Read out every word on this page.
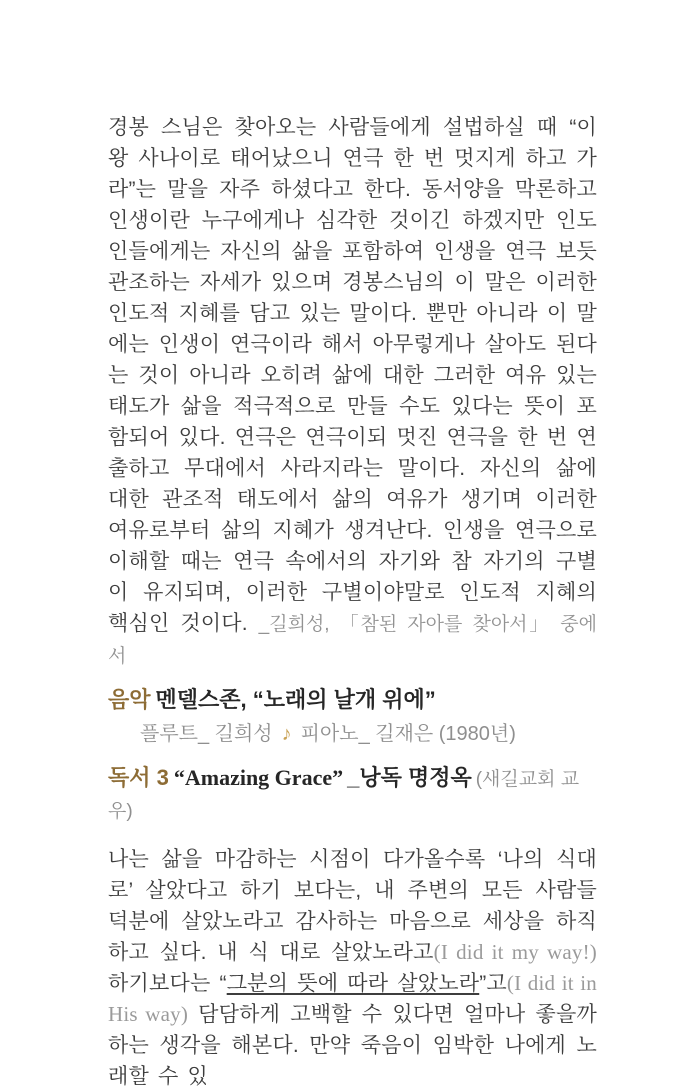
경봉 스님은 찾아오는 사람들에게 설법하실 때 “이왕 사나이로 태어났으니 연극 한 번 멋지게 하고 가라”는 말을 자주 하셨다고 한다. 동서양을 막론하고 인생이란 누구에게나 심각한 것이긴 하겠지만 인도인들에게는 자신의 삶을 포함하여 인생을 연극 보듯 관조하는 자세가 있으며 경봉스님의 이 말은 이러한 인도적 지혜를 담고 있는 말이다. 뿐만 아니라 이 말에는 인생이 연극이라 해서 아무렇게나 살아도 된다는 것이 아니라 오히려 삶에 대한 그러한 여유 있는 태도가 삶을 적극적으로 만들 수도 있다는 뜻이 포함되어 있다. 연극은 연극이되 멋진 연극을 한 번 연출하고 무대에서 사라지라는 말이다. 자신의 삶에 대한 관조적 태도에서 삶의 여유가 생기며 이러한 여유로부터 삶의 지혜가 생겨난다. 인생을 연극으로 이해할 때는 연극 속에서의 자기와 참 자기의 구별이 유지되며, 이러한 구별이야말로 인도적 지혜의 핵심인 것이다. _길희성, 「참된 자아를 찾아서」 중에서

음악 멘델스존, “노래의 날개 위에”
플루트_ 길희성 ♪ 피아노_ 길재은 (1980년)
독서 3 “Amazing Grace” _낭독 명정옥 (새길교회 교우)

나는 삶을 마감하는 시점이 다가올수록 ‘나의 식대로’ 살았다고 하기 보다는, 내 주변의 모든 사람들 덕분에 살았노라고 감사하는 마음으로 세상을 하직하고 싶다. 내 식 대로 살았노라고(I did it my way!) 하기보다는 “그분의 뜻에 따라 살았노라”고(I did it in His way) 담담하게 고백할 수 있다면 얼마나 좋을까 하는 생각을 해본다. 만약 죽음이 임박한 나에게 노래할 수 있
